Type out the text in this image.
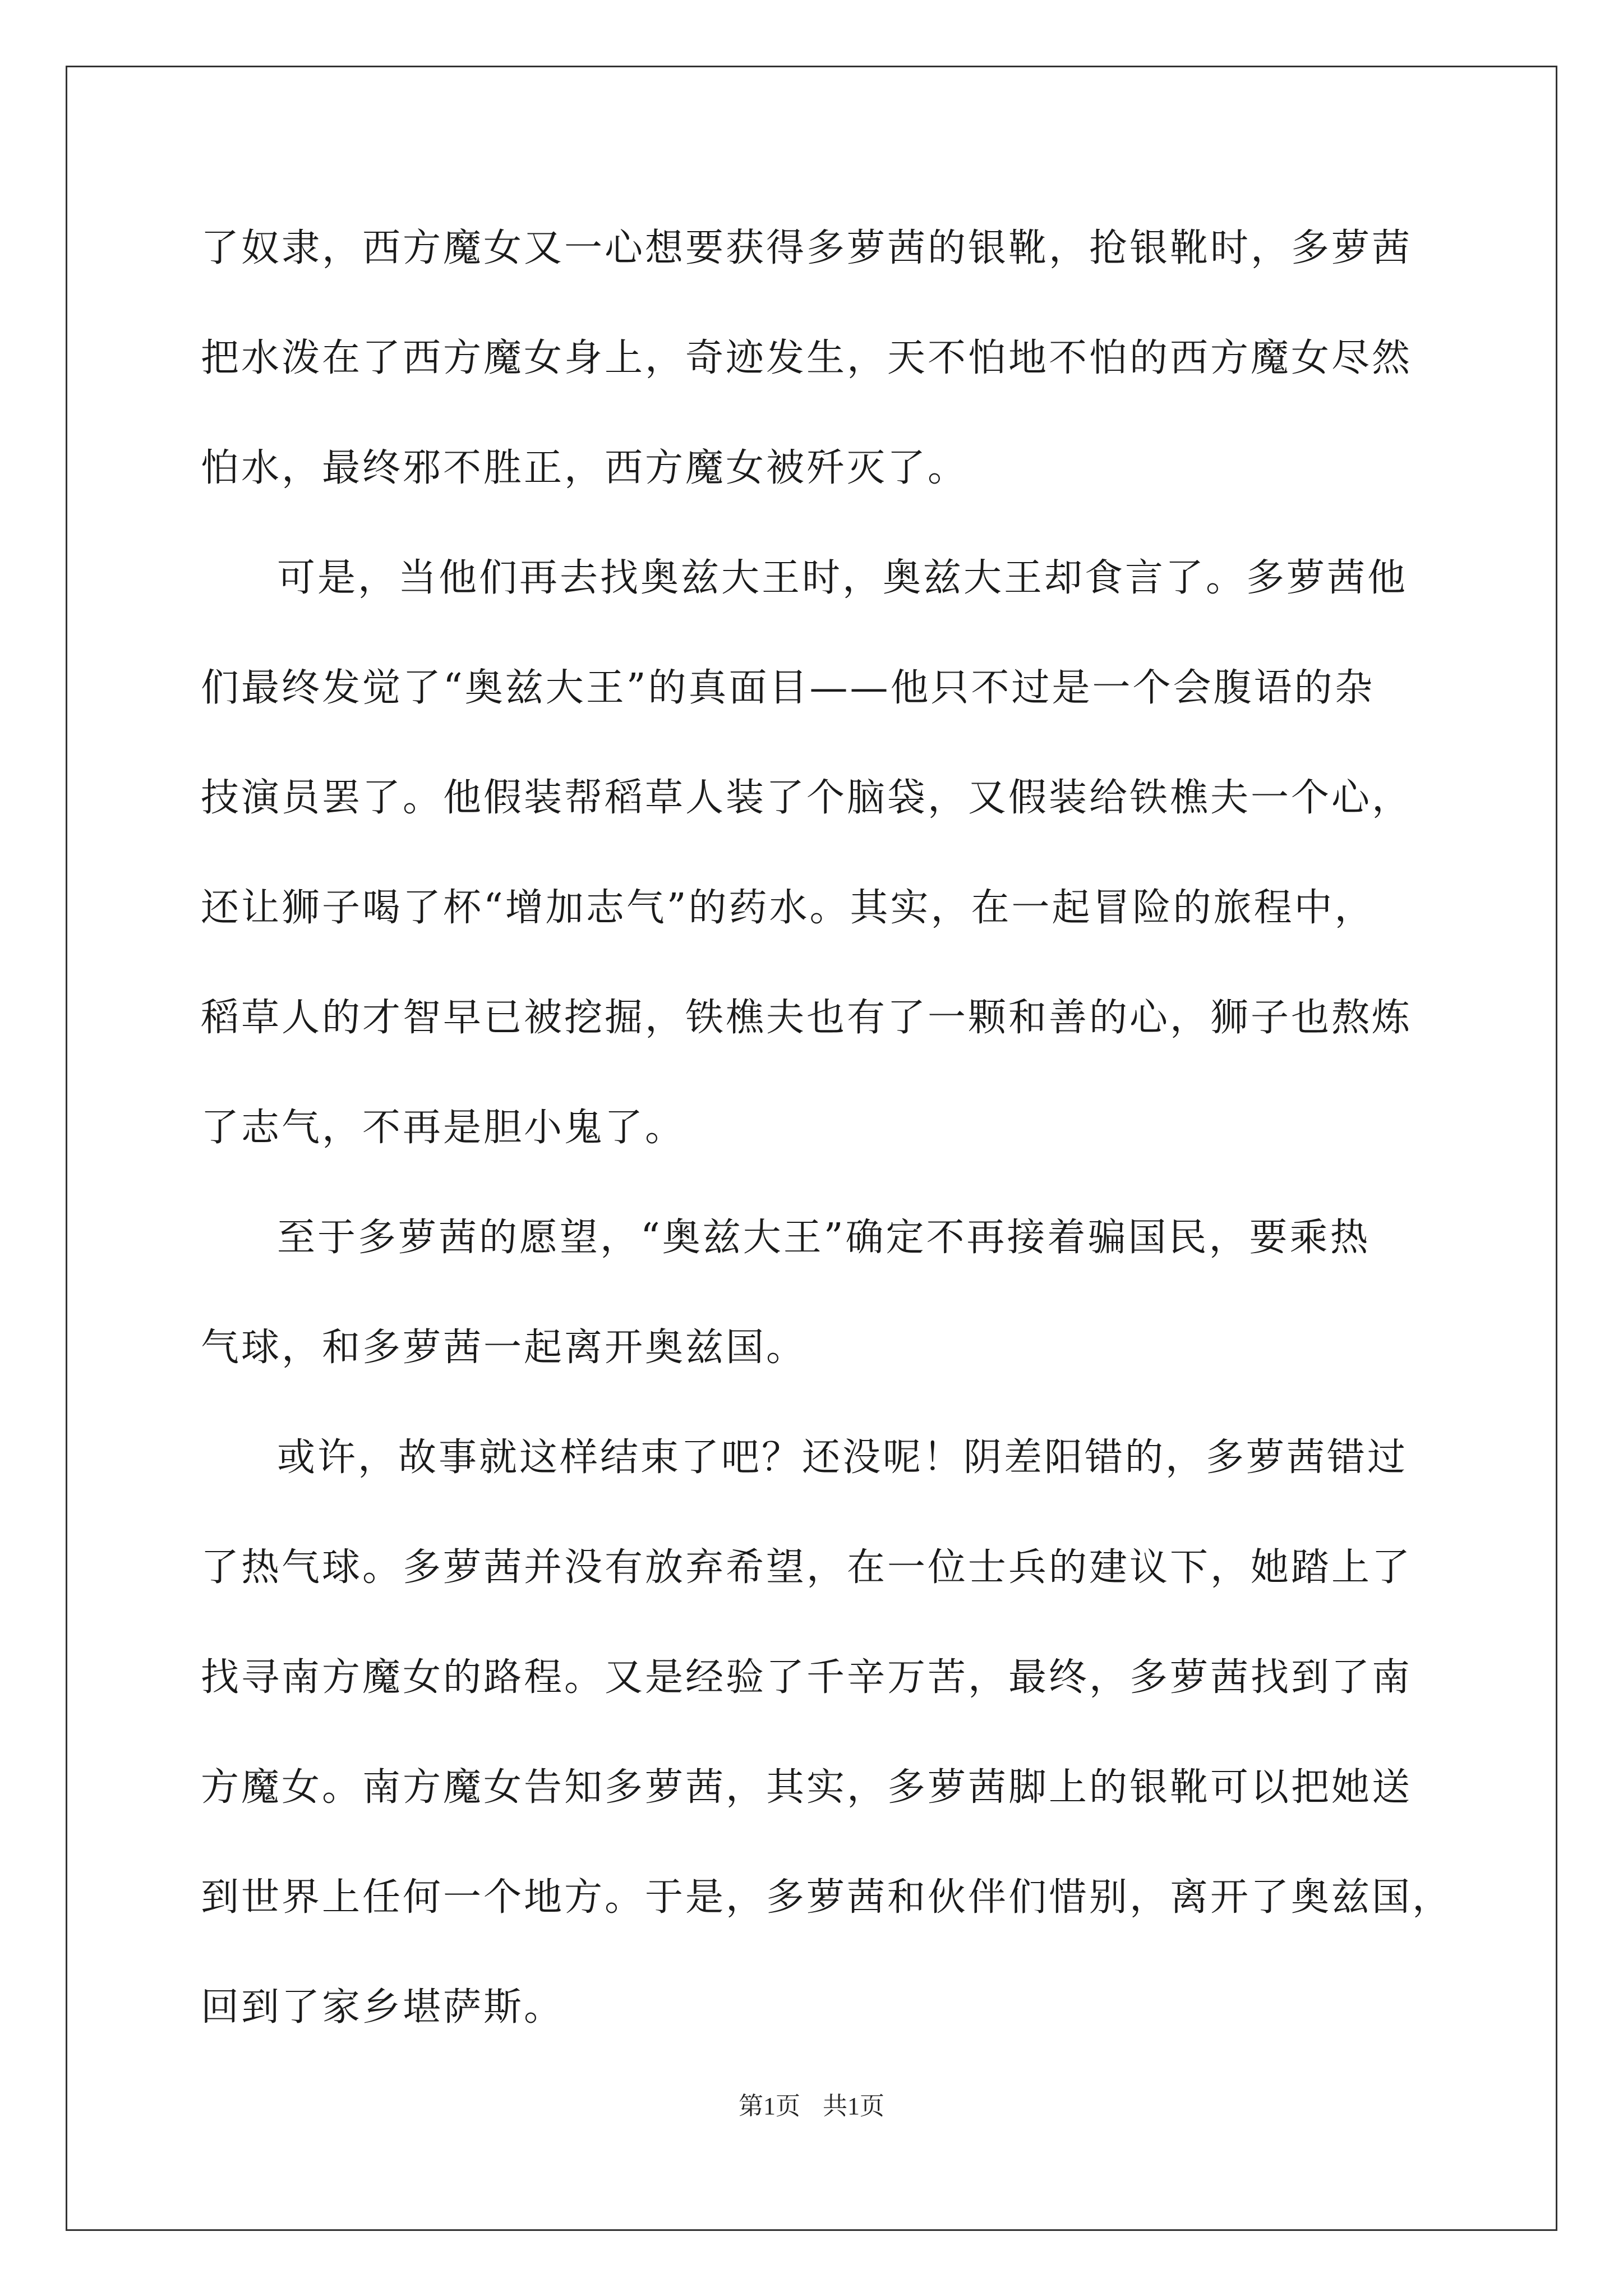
了奴隶，西方魔女又一心想要获得多萝茜的银靴，抢银靴时，多萝茜
把水泼在了西方魔女身上，奇迹发生，天不怕地不怕的西方魔女尽然
怕水，最终邪不胜正，西方魔女被歼灭了。
可是，当他们再去找奥兹大王时，奥兹大王却食言了。多萝茜他
们最终发觉了“奥兹大王”的真面目——他只不过是一个会腹语的杂
技演员罢了。他假装帮稻草人装了个脑袋，又假装给铁樵夫一个心，
还让狮子喝了杯“增加志气”的药水。其实，在一起冒险的旅程中，
稻草人的才智早已被挖掘，铁樵夫也有了一颗和善的心，狮子也熬炼
了志气，不再是胆小鬼了。
至于多萝茜的愿望，“奥兹大王”确定不再接着骗国民，要乘热
气球，和多萝茜一起离开奥兹国。
或许，故事就这样结束了吧？还没呢！阴差阳错的，多萝茜错过
了热气球。多萝茜并没有放弃希望，在一位士兵的建议下，她踏上了
找寻南方魔女的路程。又是经验了千辛万苦，最终，多萝茜找到了南
方魔女。南方魔女告知多萝茜，其实，多萝茜脚上的银靴可以把她送
到世界上任何一个地方。于是，多萝茜和伙伴们惜别，离开了奥兹国，
回到了家乡堪萨斯。
第1页 共1页
